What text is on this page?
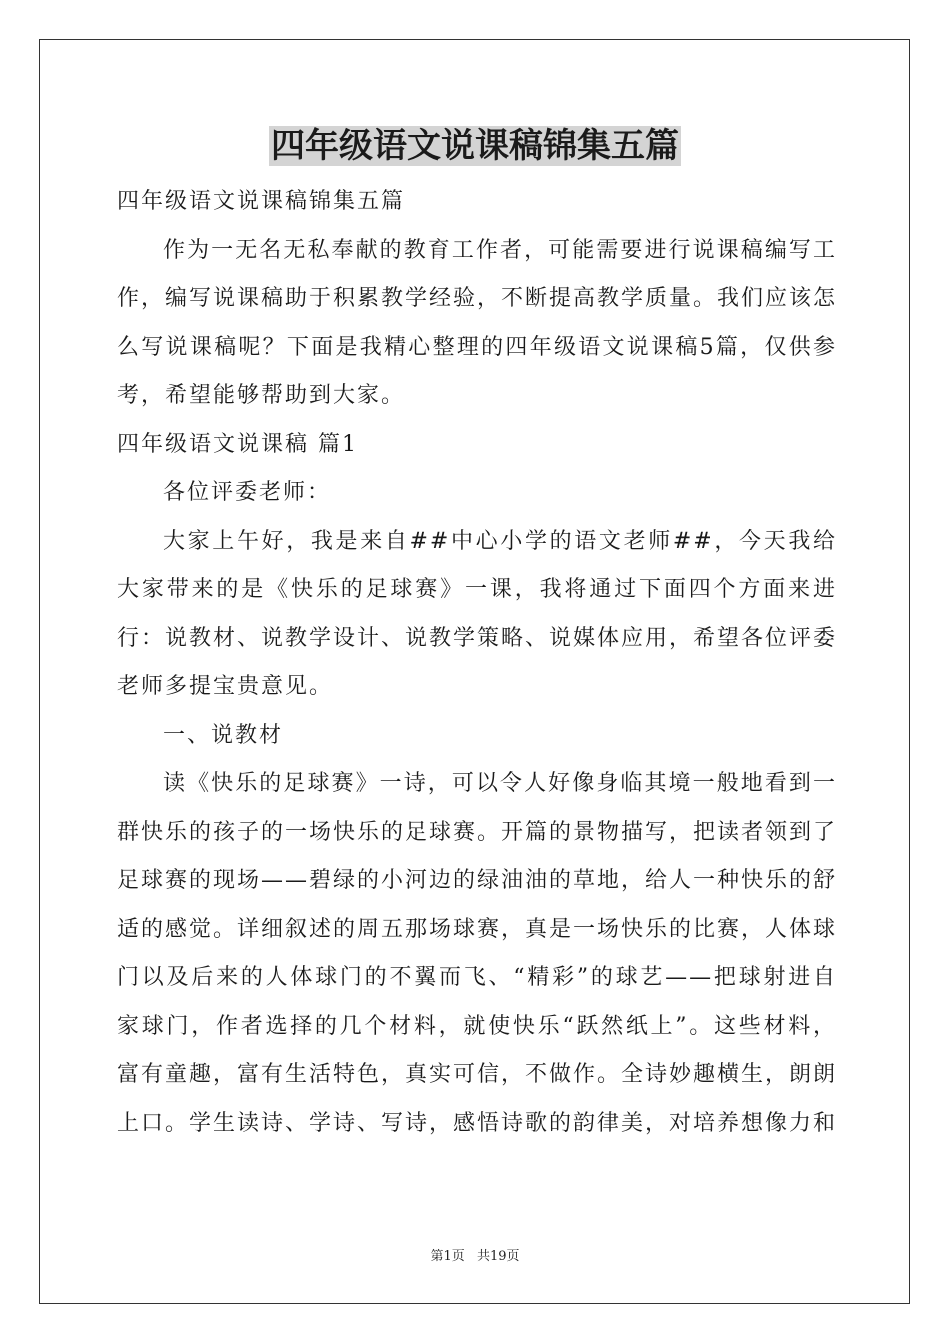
四年级语文说课稿锦集五篇

四年级语文说课稿锦集五篇

作为一无名无私奉献的教育工作者，可能需要进行说课稿编写工作，编写说课稿助于积累教学经验，不断提高教学质量。我们应该怎么写说课稿呢？下面是我精心整理的四年级语文说课稿5篇，仅供参考，希望能够帮助到大家。

四年级语文说课稿 篇1

各位评委老师：

大家上午好，我是来自##中心小学的语文老师##，今天我给大家带来的是《快乐的足球赛》一课，我将通过下面四个方面来进行：说教材、说教学设计、说教学策略、说媒体应用，希望各位评委老师多提宝贵意见。

一、说教材

读《快乐的足球赛》一诗，可以令人好像身临其境一般地看到一群快乐的孩子的一场快乐的足球赛。开篇的景物描写，把读者领到了足球赛的现场——碧绿的小河边的绿油油的草地，给人一种快乐的舒适的感觉。详细叙述的周五那场球赛，真是一场快乐的比赛，人体球门以及后来的人体球门的不翼而飞、“精彩”的球艺——把球射进自家球门，作者选择的几个材料，就使快乐“跃然纸上”。这些材料，富有童趣，富有生活特色，真实可信，不做作。全诗妙趣横生，朗朗上口。学生读诗、学诗、写诗，感悟诗歌的韵律美，对培养想像力和

第1页 共19页
